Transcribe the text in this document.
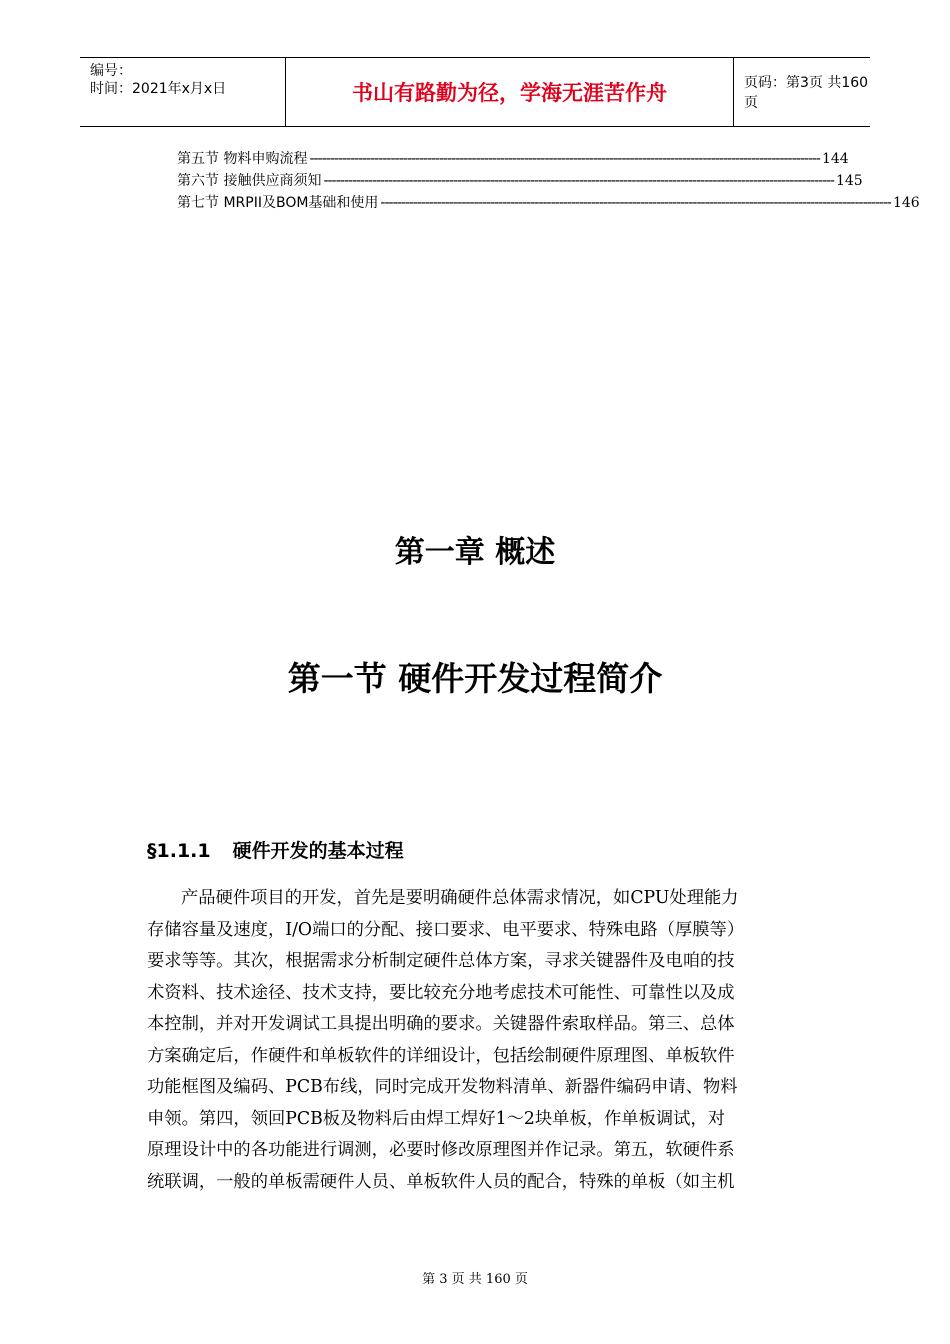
编号：
时间：2021年x月x日	书山有路勤为径，学海无涯苦作舟	页码：第3页 共160页
第五节 物料申购流程 ------------------------------------------------------------------------------------------------------------------------------ 144
第六节 接触供应商须知 ------------------------------------------------------------------------------------------------------------------------------ 145
第七节 MRPII及BOM基础和使用 ------------------------------------------------------------------------------------------------------------------------------ 146
第一章 概述
第一节 硬件开发过程简介
§1.1.1 硬件开发的基本过程
产品硬件项目的开发，首先是要明确硬件总体需求情况，如CPU处理能力
存储容量及速度，I/O端口的分配、接口要求、电平要求、特殊电路（厚膜等）
要求等等。其次，根据需求分析制定硬件总体方案，寻求关键器件及电咱的技
术资料、技术途径、技术支持，要比较充分地考虑技术可能性、可靠性以及成
本控制，并对开发调试工具提出明确的要求。关键器件索取样品。第三、总体
方案确定后，作硬件和单板软件的详细设计，包括绘制硬件原理图、单板软件
功能框图及编码、PCB布线，同时完成开发物料清单、新器件编码申请、物料
申领。第四，领回PCB板及物料后由焊工焊好1～2块单板，作单板调试，对
原理设计中的各功能进行调测，必要时修改原理图并作记录。第五，软硬件系
统联调，一般的单板需硬件人员、单板软件人员的配合，特殊的单板（如主机
第 3 页 共 160 页
